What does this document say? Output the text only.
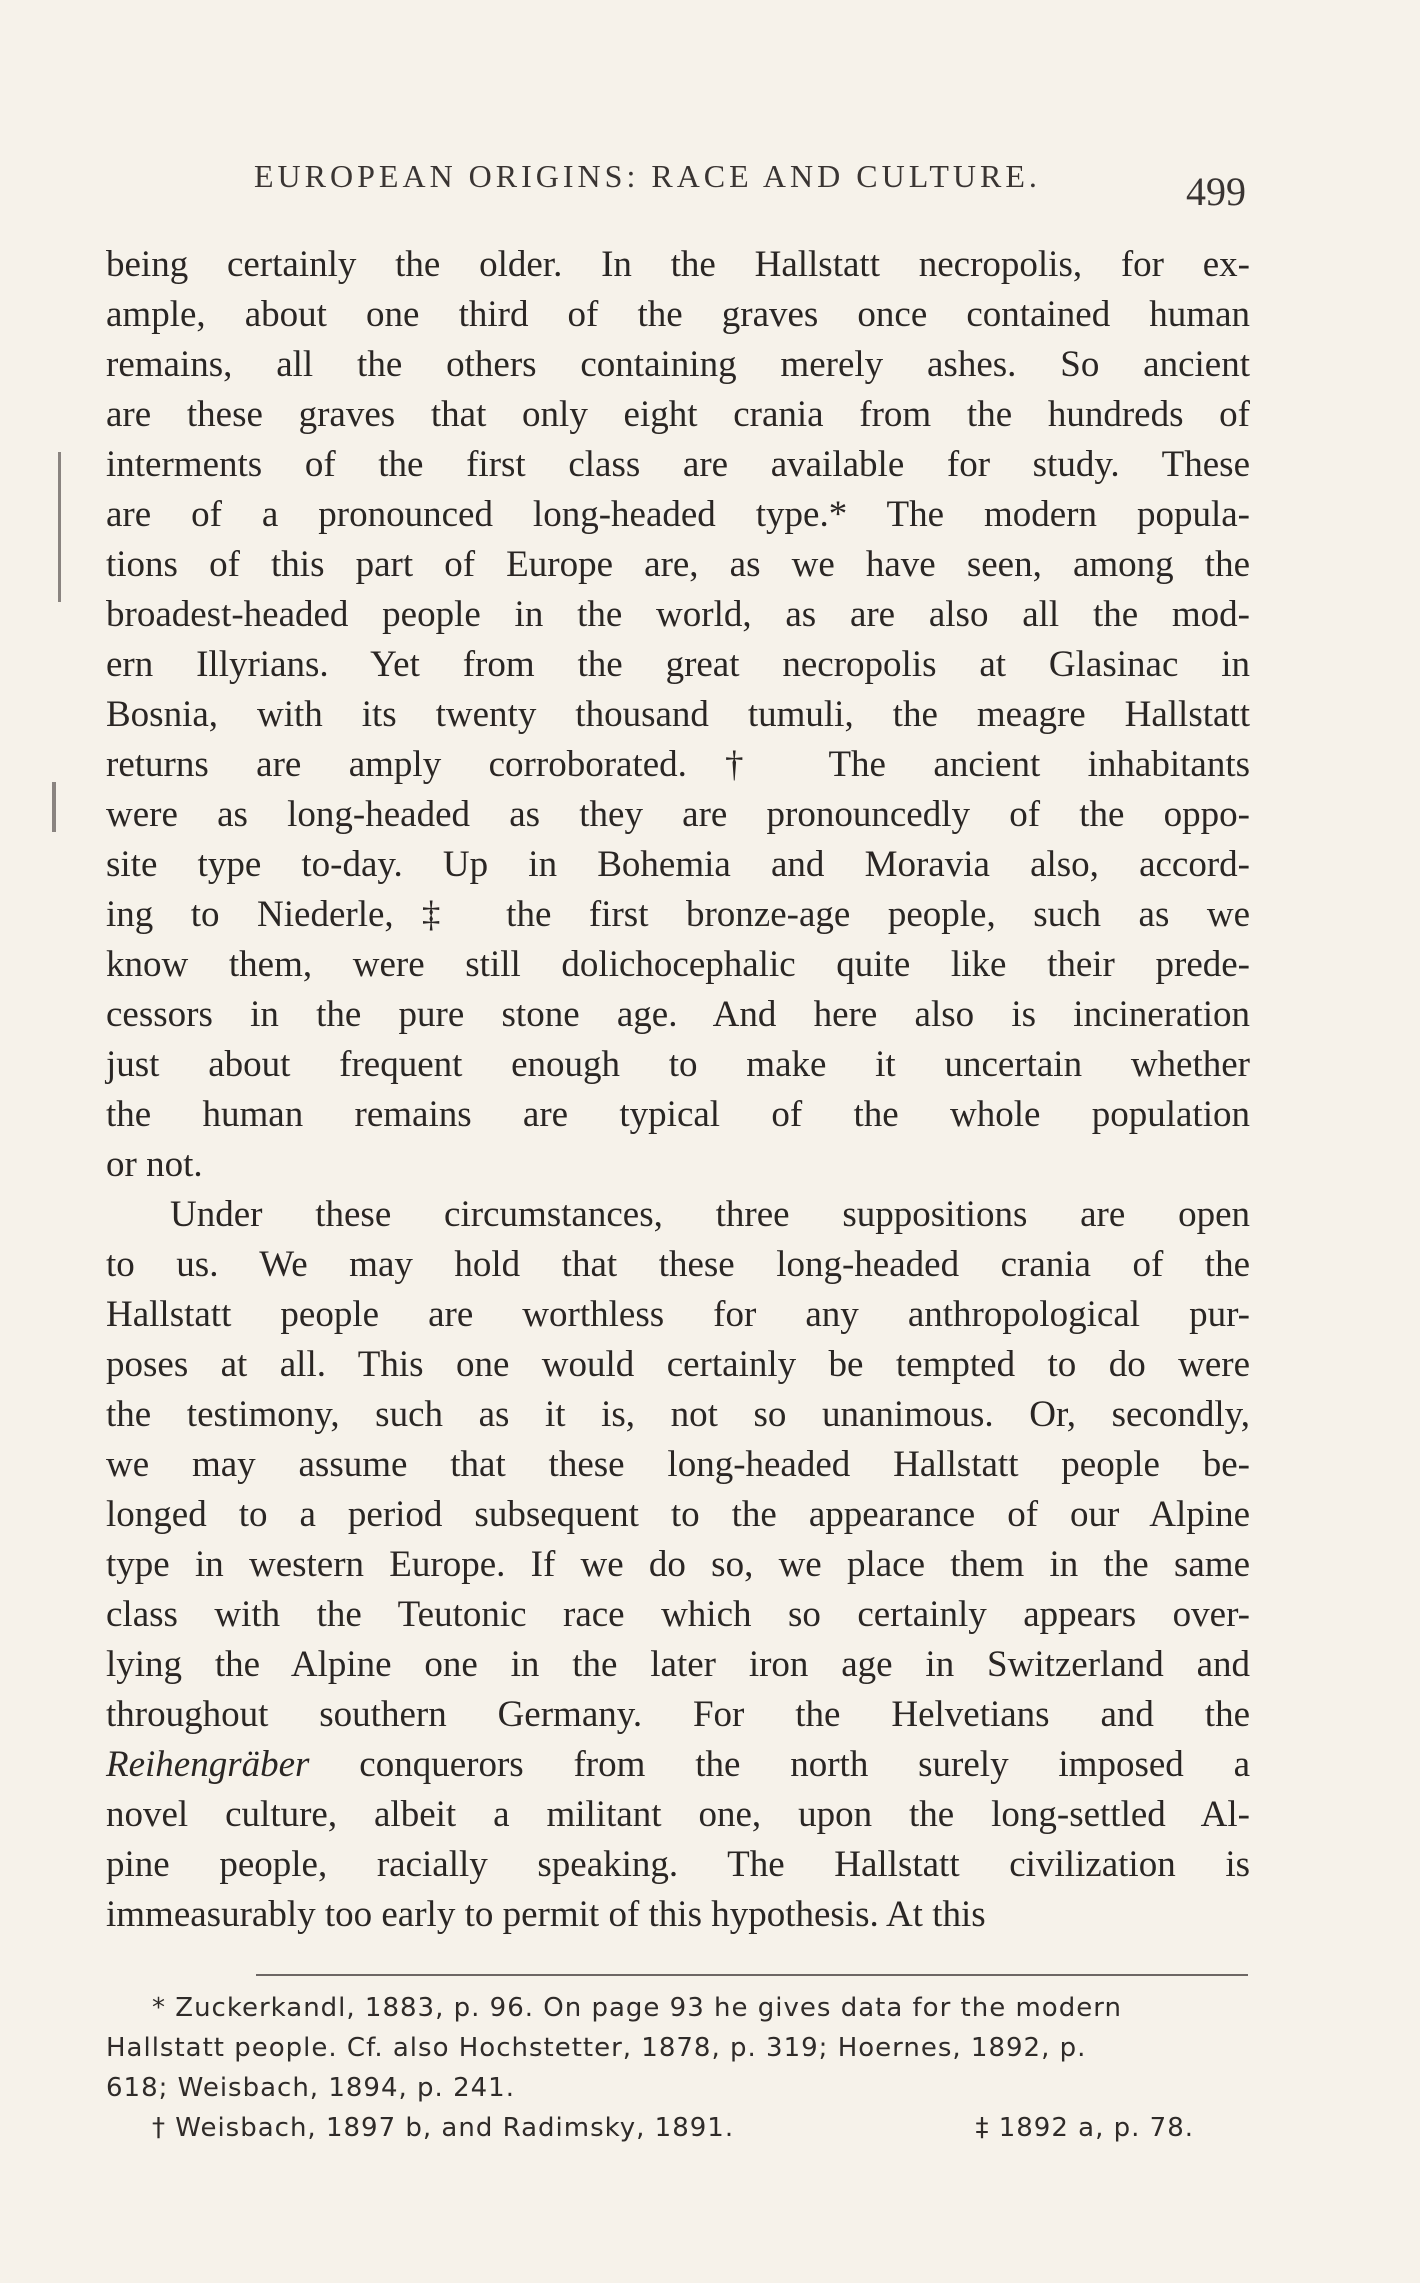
EUROPEAN ORIGINS: RACE AND CULTURE.	499
being certainly the older. In the Hallstatt necropolis, for ex-
ample, about one third of the graves once contained human
remains, all the others containing merely ashes. So ancient
are these graves that only eight crania from the hundreds of
interments of the first class are available for study. These
are of a pronounced long-headed type.* The modern popula-
tions of this part of Europe are, as we have seen, among the
broadest-headed people in the world, as are also all the mod-
ern Illyrians. Yet from the great necropolis at Glasinac in
Bosnia, with its twenty thousand tumuli, the meagre Hallstatt
returns are amply corroborated.† The ancient inhabitants
were as long-headed as they are pronouncedly of the oppo-
site type to-day. Up in Bohemia and Moravia also, accord-
ing to Niederle,‡ the first bronze-age people, such as we
know them, were still dolichocephalic quite like their prede-
cessors in the pure stone age. And here also is incineration
just about frequent enough to make it uncertain whether
the human remains are typical of the whole population
or not.
Under these circumstances, three suppositions are open
to us. We may hold that these long-headed crania of the
Hallstatt people are worthless for any anthropological pur-
poses at all. This one would certainly be tempted to do were
the testimony, such as it is, not so unanimous. Or, secondly,
we may assume that these long-headed Hallstatt people be-
longed to a period subsequent to the appearance of our Alpine
type in western Europe. If we do so, we place them in the same
class with the Teutonic race which so certainly appears over-
lying the Alpine one in the later iron age in Switzerland and
throughout southern Germany. For the Helvetians and the
Reihengräber conquerors from the north surely imposed a
novel culture, albeit a militant one, upon the long-settled Al-
pine people, racially speaking. The Hallstatt civilization is
immeasurably too early to permit of this hypothesis. At this
* Zuckerkandl, 1883, p. 96. On page 93 he gives data for the modern
Hallstatt people. Cf. also Hochstetter, 1878, p. 319; Hoernes, 1892, p.
618; Weisbach, 1894, p. 241.
† Weisbach, 1897 b, and Radimsky, 1891.	‡ 1892 a, p. 78.
